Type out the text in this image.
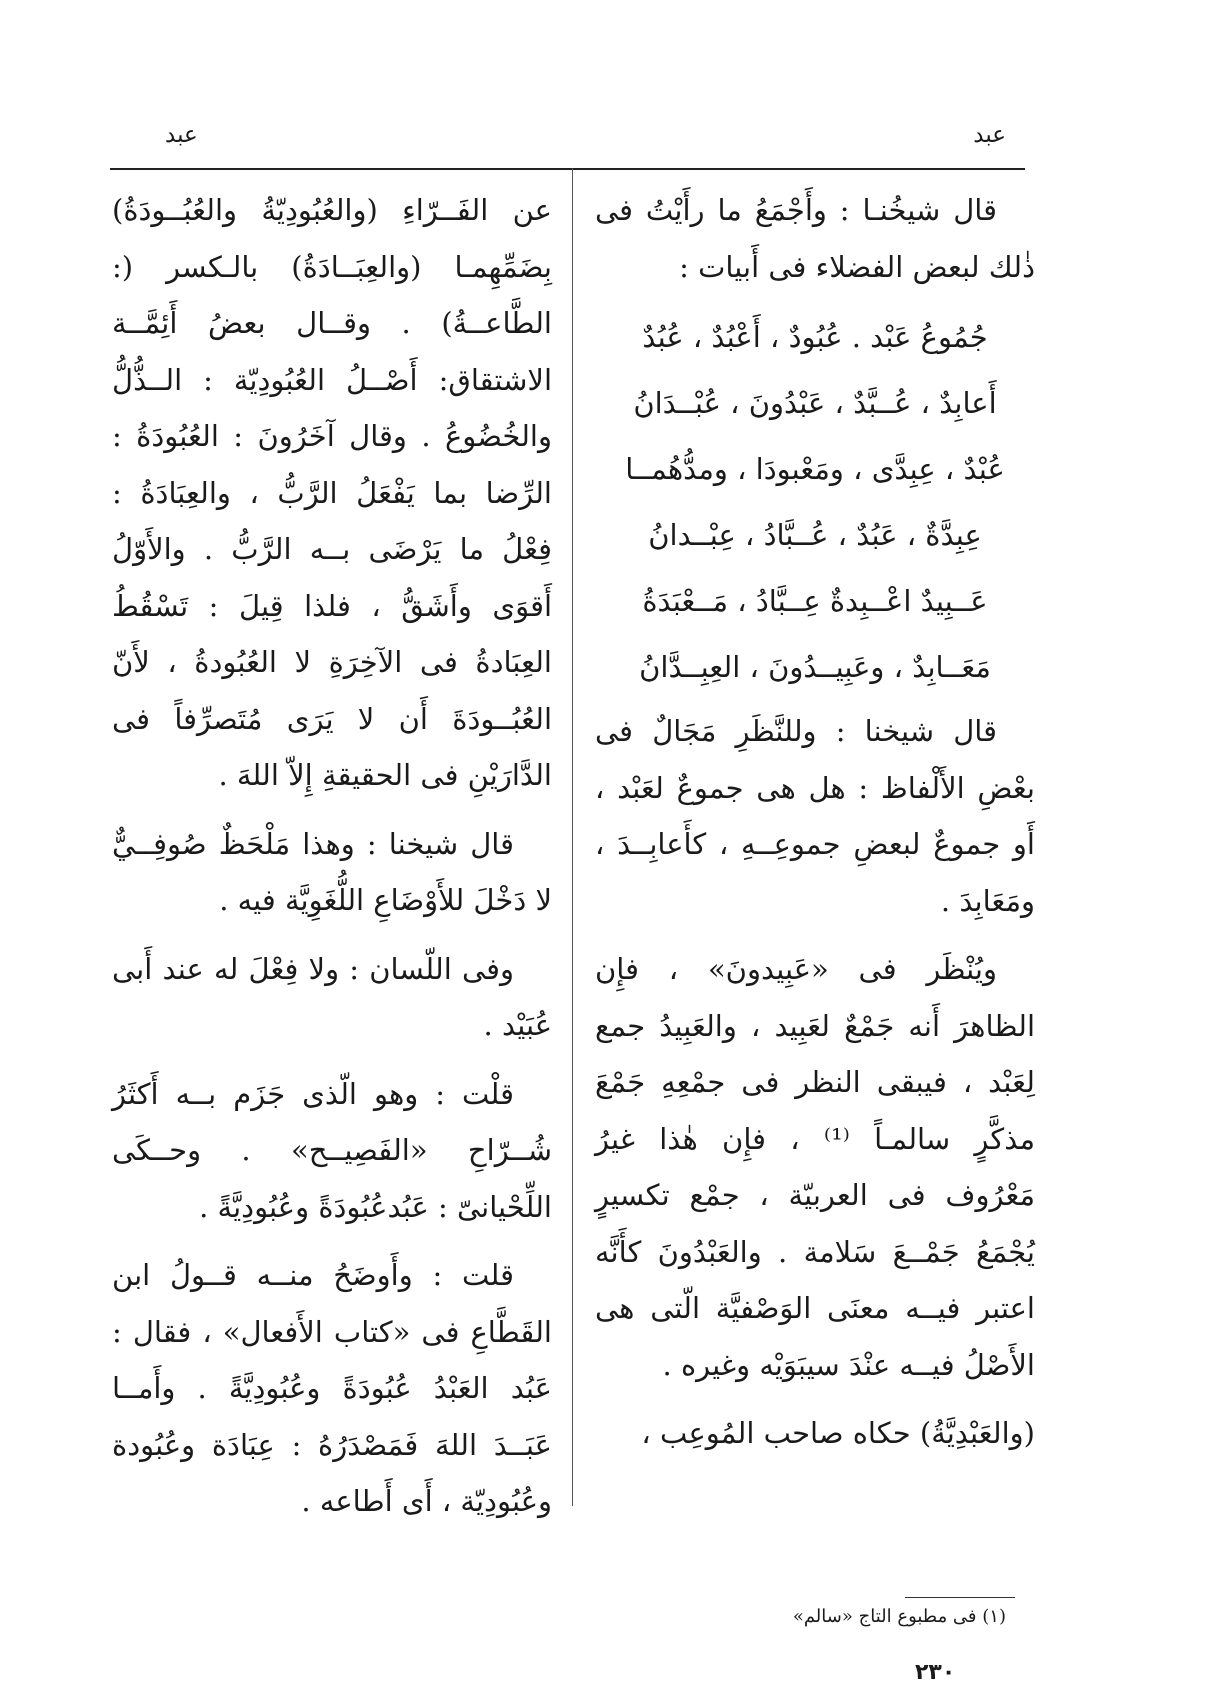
عبد
عبد

قال شيخُنـا : وأَجْمَعُ ما رأَيْتُ فى ذٰلك لبعض الفضلاء فى أَبيات :

جُمُوعُ عَبْد . عُبُودٌ ، أَعْبُدٌ ، عُبُدٌ
أَعابِدٌ ، عُــبَّدٌ ، عَبْدُونَ ، عُبْــدَانُ
عُبْدٌ ، عِبِدَّى ، ومَعْبودَا ، ومدُّهُمــا
عِبِدَّةٌ ، عَبُدٌ ، عُــبَّادُ ، عِبْــدانُ
عَــبِيدٌ اعْــبِدةٌ عِــبَّادُ ، مَــعْبَدَةُ
مَعَــابِدٌ ، وعَبِيــدُونَ ، العِبِــدَّانُ

قال شيخنا : وللنَّظَرِ مَجَالٌ فى بعْضِ الأَلْفاظ : هل هى جموعٌ لعَبْد ، أَو جموعٌ لبعضِ جموعِــهِ ، كأَعابِــدَ ، ومَعَابِدَ .

ويُنْظَر فى «عَبِيدونَ» ، فإِن الظاهرَ أَنه جَمْعٌ لعَبِيد ، والعَبِيدُ جمع لِعَبْد ، فيبقى النظر فى جمْعِهِ جَمْعَ مذكَّرٍ سالمـاً ⁽¹⁾ ، فإِن هٰذا غيرُ مَعْرُوف فى العربيّة ، جمْع تكسيرٍ يُجْمَعُ جَمْــعَ سَلامة . والعَبْدُونَ كأَنَّه اعتبر فيــه معنَى الوَصْفيَّة الّتى هى الأَصْلُ فيــه عنْدَ سيبَوَيْه وغيره .

(والعَبْدِيَّةُ) حكاه صاحب المُوعِب ،

عن الفَــرّاءِ (والعُبُودِيّةُ والعُبُــودَةُ) بِضَمِّهِمـا (والعِبَــادَةُ) بالـكسر (: الطَّاعــةُ) . وقــال بعضُ أَئِمَّــة الاشتقاق: أَصْــلُ العُبُودِيّة : الــذُّلُّ والخُضُوعُ . وقال آخَرُونَ : العُبُودَةُ : الرِّضا بما يَفْعَلُ الرَّبُّ ، والعِبَادَةُ : فِعْلُ ما يَرْضَى بــه الرَّبُّ . والأَوّلُ أَقوَى وأَشَقُّ ، فلذا قِيلَ : تَسْقُطُ العِبَادةُ فى الآخِرَةِ لا العُبُودةُ ، لأَنّ العُبُــودَةَ أَن لا يَرَى مُتَصرِّفاً فى الدَّارَيْنِ فى الحقيقةِ إِلاّ اللهَ .

قال شيخنا : وهذا مَلْحَظٌ صُوفِــيٌّ لا دَخْلَ للأَوْضَاعِ اللُّغَوِيَّة فيه .

وفى اللّسان : ولا فِعْلَ له عند أَبى عُبَيْد .

قلْت : وهو الّذى جَزَم بــه أَكثَرُ شُــرّاحِ «الفَصِيــح» . وحــكَى اللِّحْيانىّ : عَبُدعُبُودَةً وعُبُودِيَّةً .

قلت : وأَوضَحُ منــه قــولُ ابن القَطَّاعِ فى «كتاب الأَفعال» ، فقال : عَبُد العَبْدُ عُبُودَةً وعُبُودِيَّةً . وأَمــا عَبَــدَ اللهَ فَمَصْدَرُهُ : عِبَادَة وعُبُودة وعُبُودِيّة ، أَى أَطاعه .

(١) فى مطبوع التاج «سالم»
٢٣٠
